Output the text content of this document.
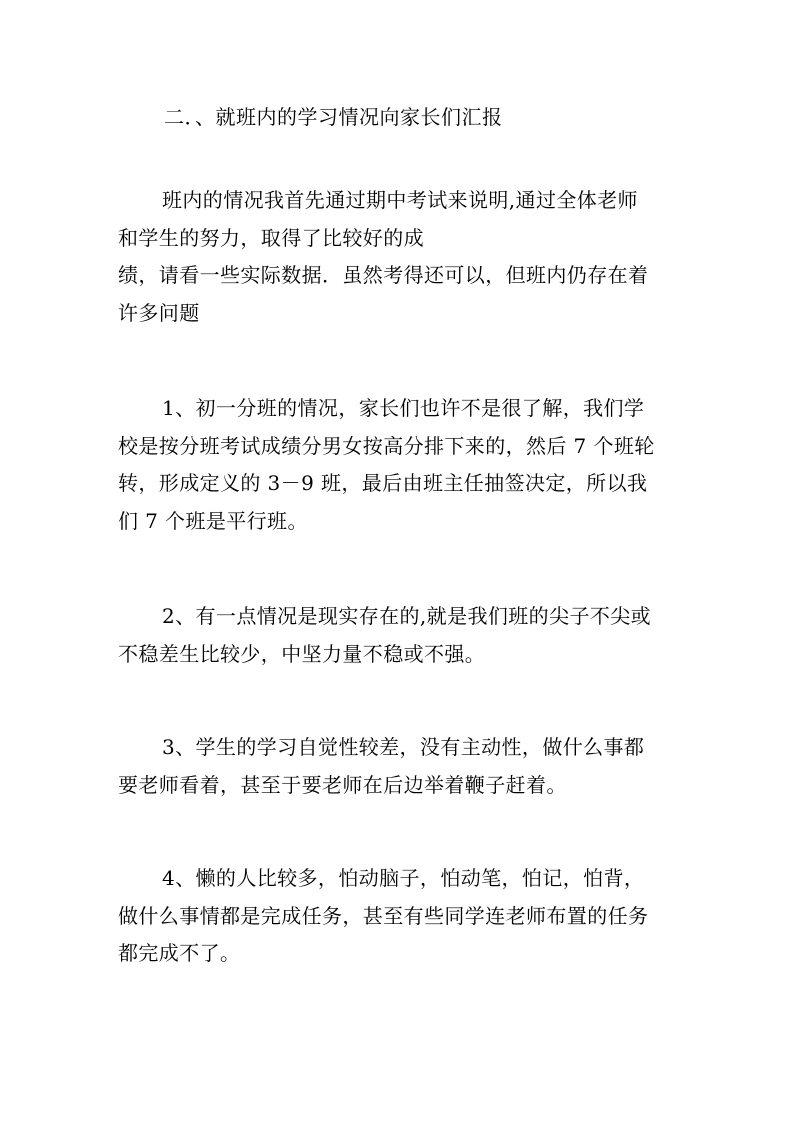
二．、就班内的学习情况向家长们汇报
班内的情况我首先通过期中考试来说明,通过全体老师
和学生的努力，取得了比较好的成
绩，请看一些实际数据．虽然考得还可以，但班内仍存在着
许多问题
1、初一分班的情况，家长们也许不是很了解，我们学
校是按分班考试成绩分男女按高分排下来的，然后 7 个班轮
转，形成定义的 3－9 班，最后由班主任抽签决定，所以我
们 7 个班是平行班。
2、有一点情况是现实存在的,就是我们班的尖子不尖或
不稳差生比较少，中坚力量不稳或不强。
3、学生的学习自觉性较差，没有主动性，做什么事都
要老师看着，甚至于要老师在后边举着鞭子赶着。
4、懒的人比较多，怕动脑子，怕动笔，怕记，怕背，
做什么事情都是完成任务，甚至有些同学连老师布置的任务
都完成不了。
